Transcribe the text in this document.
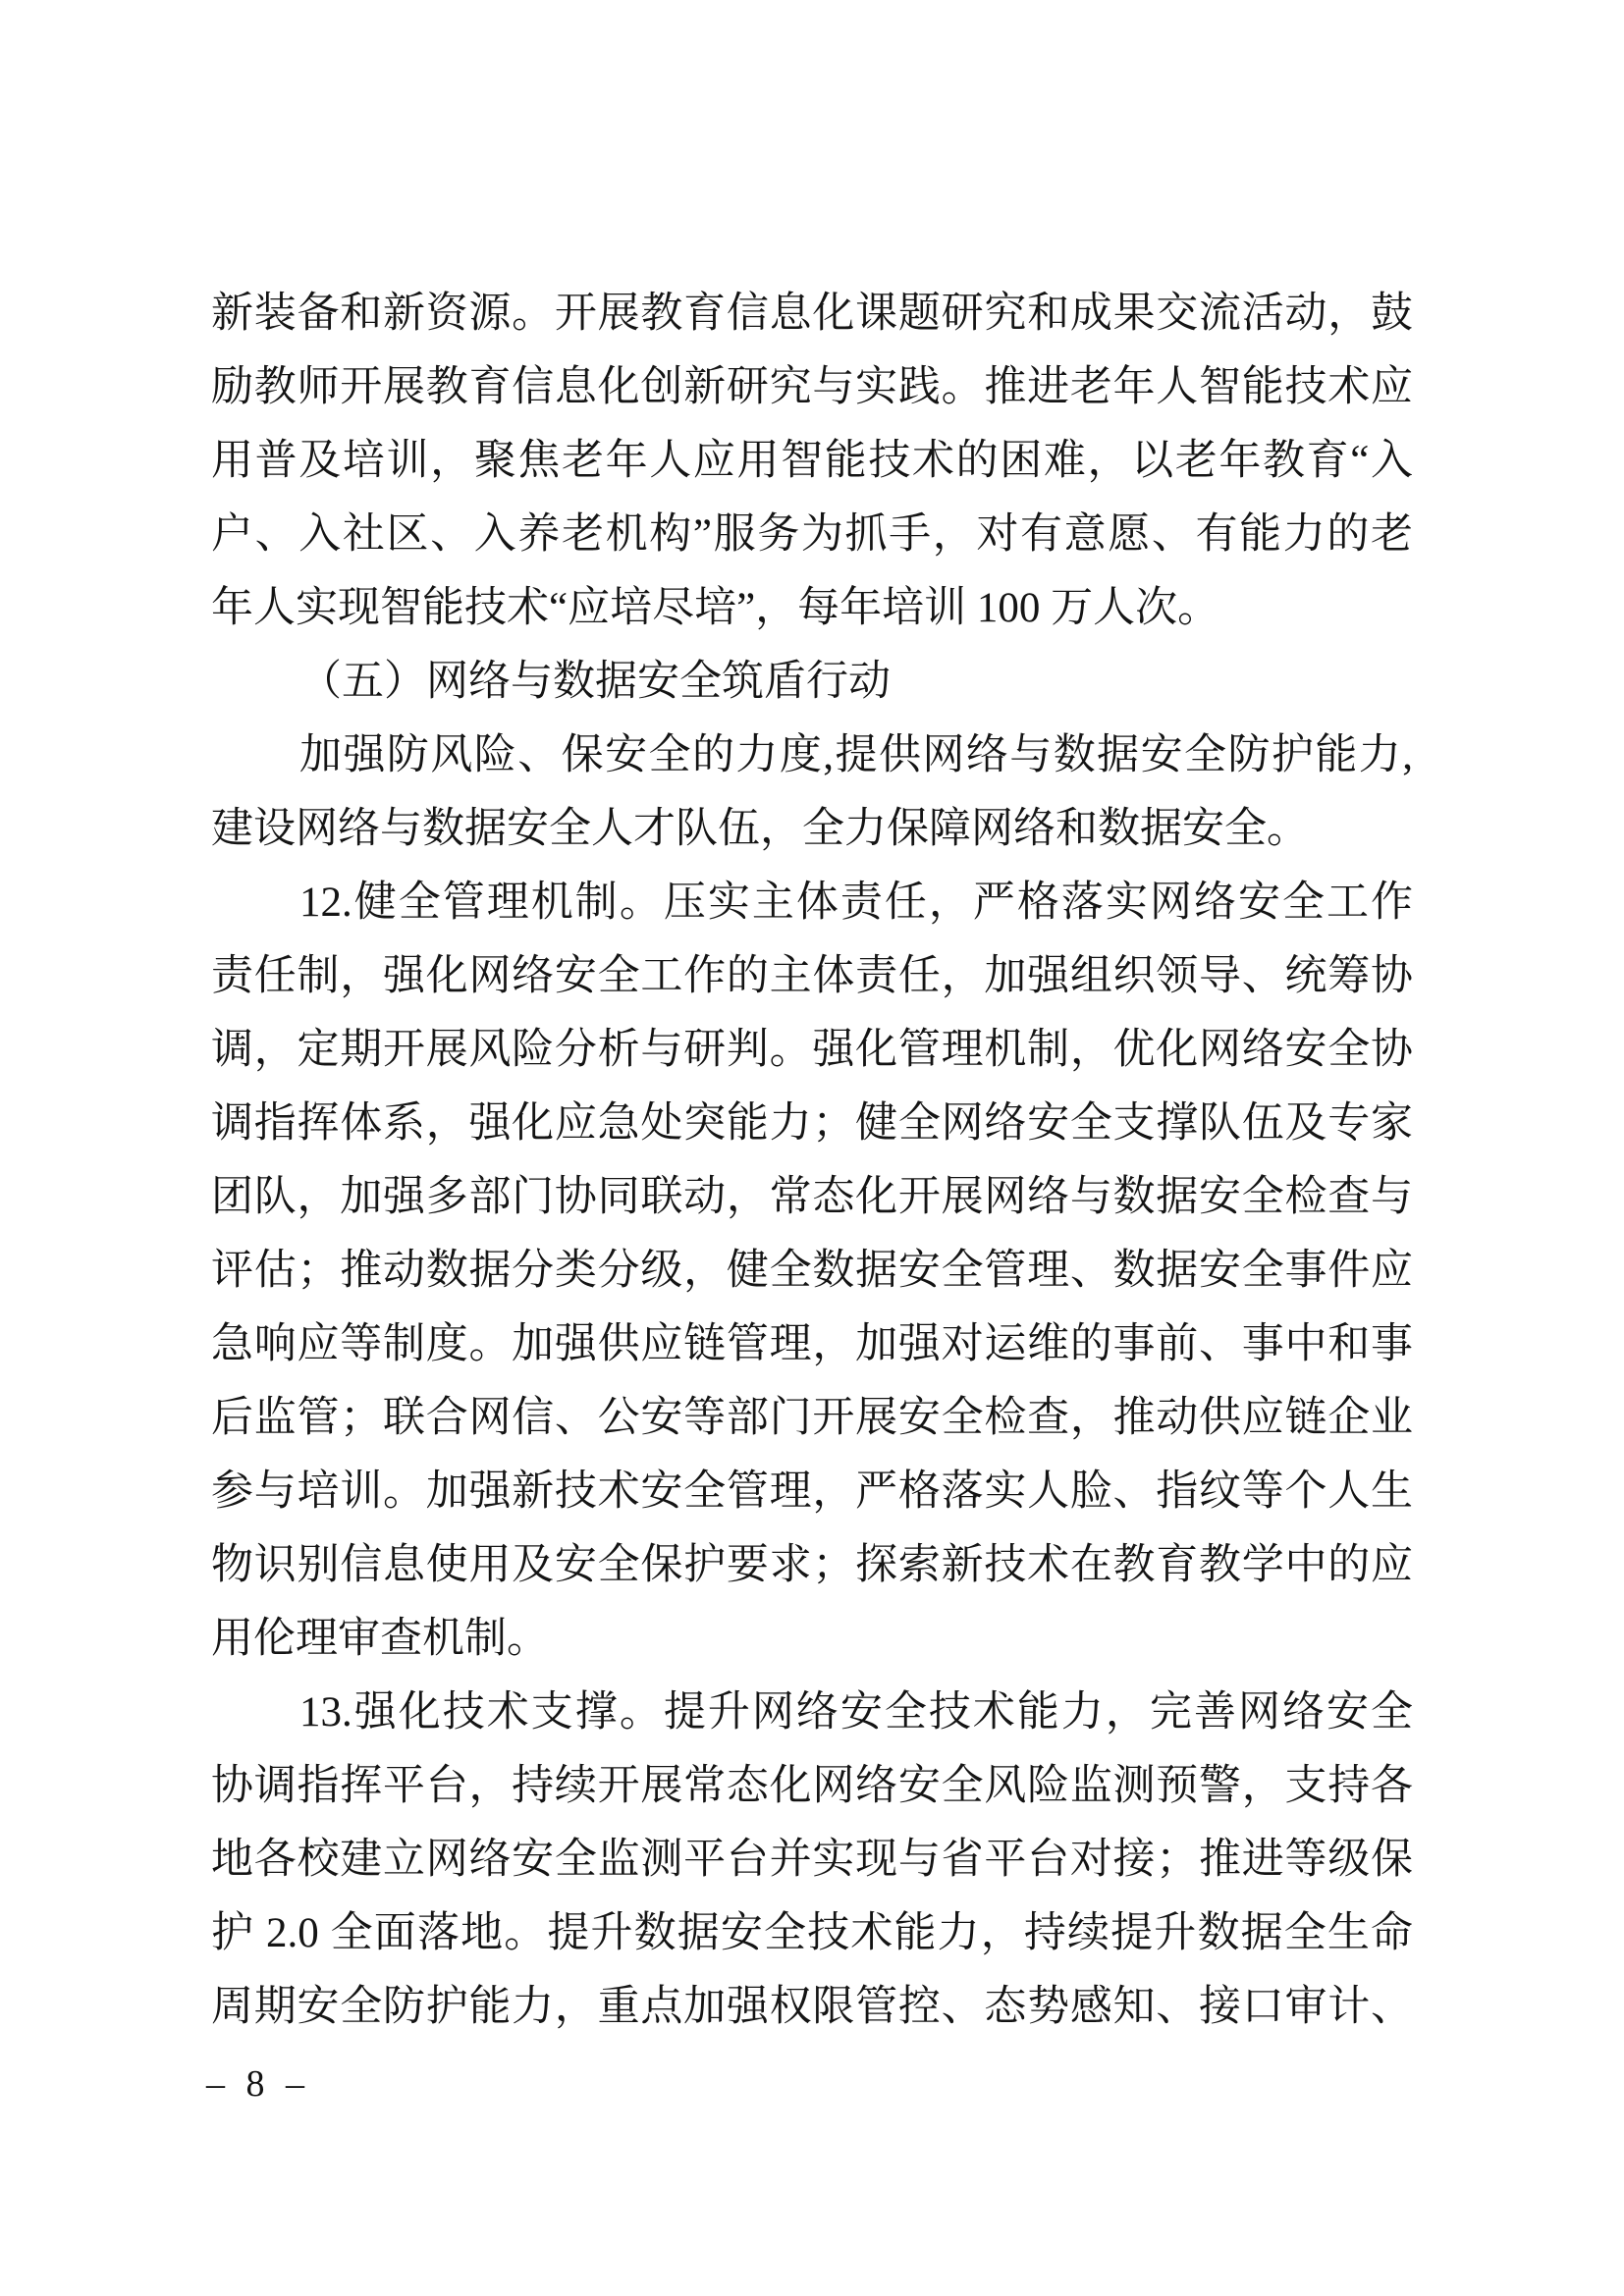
新装备和新资源。开展教育信息化课题研究和成果交流活动，鼓
励教师开展教育信息化创新研究与实践。推进老年人智能技术应
用普及培训，聚焦老年人应用智能技术的困难，以老年教育“入
户、入社区、入养老机构”服务为抓手，对有意愿、有能力的老
年人实现智能技术“应培尽培”，每年培训 100 万人次。
（五）网络与数据安全筑盾行动
加强防风险、保安全的力度,提供网络与数据安全防护能力,
建设网络与数据安全人才队伍，全力保障网络和数据安全。
12.健全管理机制。压实主体责任，严格落实网络安全工作
责任制，强化网络安全工作的主体责任，加强组织领导、统筹协
调，定期开展风险分析与研判。强化管理机制，优化网络安全协
调指挥体系，强化应急处突能力；健全网络安全支撑队伍及专家
团队，加强多部门协同联动，常态化开展网络与数据安全检查与
评估；推动数据分类分级，健全数据安全管理、数据安全事件应
急响应等制度。加强供应链管理，加强对运维的事前、事中和事
后监管；联合网信、公安等部门开展安全检查，推动供应链企业
参与培训。加强新技术安全管理，严格落实人脸、指纹等个人生
物识别信息使用及安全保护要求；探索新技术在教育教学中的应
用伦理审查机制。
13.强化技术支撑。提升网络安全技术能力，完善网络安全
协调指挥平台，持续开展常态化网络安全风险监测预警，支持各
地各校建立网络安全监测平台并实现与省平台对接；推进等级保
护 2.0 全面落地。提升数据安全技术能力，持续提升数据全生命
周期安全防护能力，重点加强权限管控、态势感知、接口审计、
– 8 –
